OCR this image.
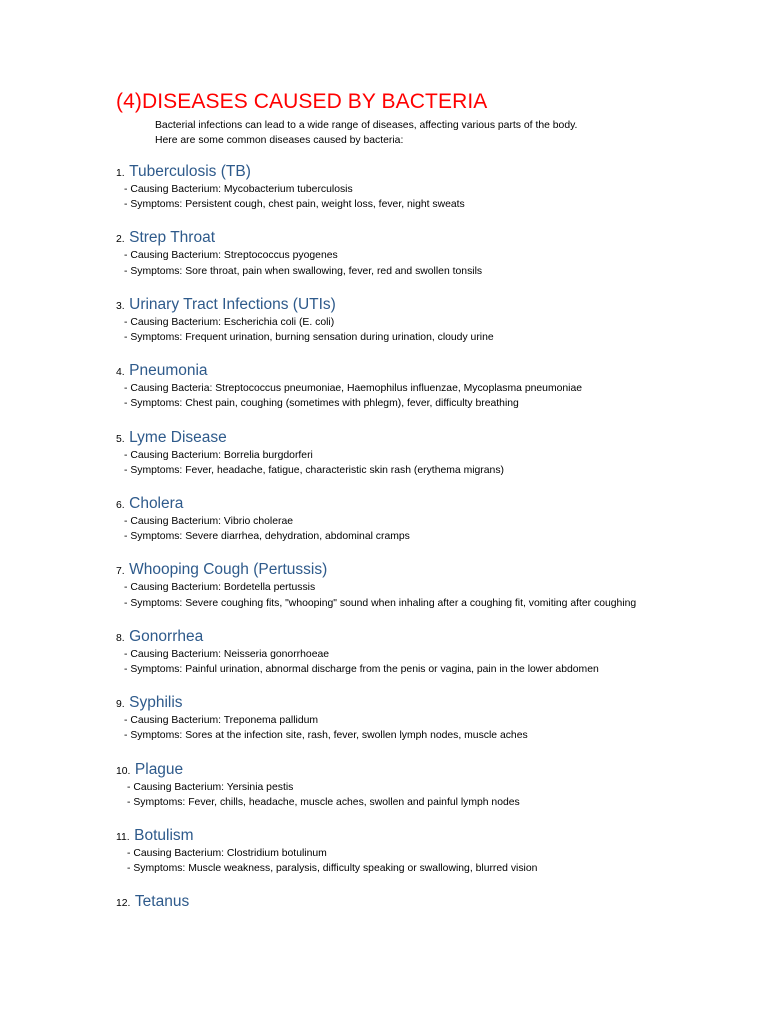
(4)DISEASES CAUSED BY BACTERIA
Bacterial infections can lead to a wide range of diseases, affecting various parts of the body.
Here are some common diseases caused by bacteria:
1. Tuberculosis (TB)
- Causing Bacterium: Mycobacterium tuberculosis
- Symptoms: Persistent cough, chest pain, weight loss, fever, night sweats
2. Strep Throat
- Causing Bacterium: Streptococcus pyogenes
- Symptoms: Sore throat, pain when swallowing, fever, red and swollen tonsils
3. Urinary Tract Infections (UTIs)
- Causing Bacterium: Escherichia coli (E. coli)
- Symptoms: Frequent urination, burning sensation during urination, cloudy urine
4. Pneumonia
- Causing Bacteria: Streptococcus pneumoniae, Haemophilus influenzae, Mycoplasma pneumoniae
- Symptoms: Chest pain, coughing (sometimes with phlegm), fever, difficulty breathing
5. Lyme Disease
- Causing Bacterium: Borrelia burgdorferi
- Symptoms: Fever, headache, fatigue, characteristic skin rash (erythema migrans)
6. Cholera
- Causing Bacterium: Vibrio cholerae
- Symptoms: Severe diarrhea, dehydration, abdominal cramps
7. Whooping Cough (Pertussis)
- Causing Bacterium: Bordetella pertussis
- Symptoms: Severe coughing fits, "whooping" sound when inhaling after a coughing fit, vomiting after coughing
8. Gonorrhea
- Causing Bacterium: Neisseria gonorrhoeae
- Symptoms: Painful urination, abnormal discharge from the penis or vagina, pain in the lower abdomen
9. Syphilis
- Causing Bacterium: Treponema pallidum
- Symptoms: Sores at the infection site, rash, fever, swollen lymph nodes, muscle aches
10. Plague
- Causing Bacterium: Yersinia pestis
- Symptoms: Fever, chills, headache, muscle aches, swollen and painful lymph nodes
11. Botulism
- Causing Bacterium: Clostridium botulinum
- Symptoms: Muscle weakness, paralysis, difficulty speaking or swallowing, blurred vision
12. Tetanus
